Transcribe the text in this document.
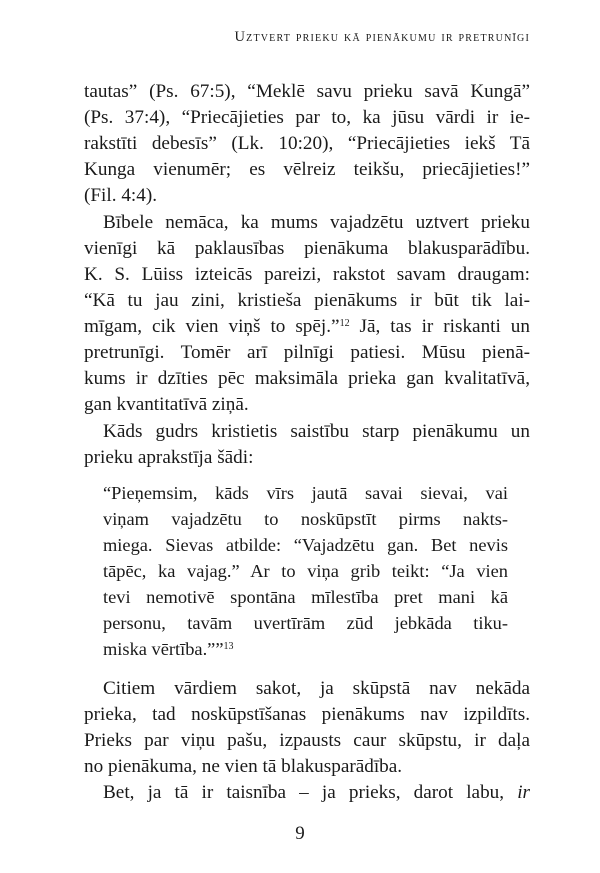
Uztvert prieku kā pienākumu ir pretrunīgi
tautas” (Ps. 67:5), “Meklē savu prieku savā Kungā”
(Ps. 37:4), “Priecājieties par to, ka jūsu vārdi ir ie-
rakstīti debesīs” (Lk. 10:20), “Priecājieties iekš Tā
Kunga vienumēr; es vēlreiz teikšu, priecājieties!”
(Fil. 4:4).
Bībele nemāca, ka mums vajadzētu uztvert prieku
vienīgi kā paklausības pienākuma blakusparādību.
K. S. Lūiss izteicās pareizi, rakstot savam draugam:
“Kā tu jau zini, kristieša pienākums ir būt tik lai-
mīgam, cik vien viņš to spēj.”$^{12}$ Jā, tas ir riskanti un
pretrunīgi. Tomēr arī pilnīgi patiesi. Mūsu pienā-
kums ir dzīties pēc maksimāla prieka gan kvalitatīvā,
gan kvantitatīvā ziņā.
Kāds gudrs kristietis saistību starp pienākumu un
prieku aprakstīja šādi:
“Pieņemsim, kāds vīrs jautā savai sievai, vai
viņam vajadzētu to noskūpstīt pirms nakts-
miega. Sievas atbilde: “Vajadzētu gan. Bet nevis
tāpēc, ka vajag.” Ar to viņa grib teikt: “Ja vien
tevi nemotivē spontāna mīlestība pret mani kā
personu, tavām uvertīrām zūd jebkāda tiku-
miska vērtība.””$^{13}$
Citiem vārdiem sakot, ja skūpstā nav nekāda
prieka, tad noskūpstīšanas pienākums nav izpildīts.
Prieks par viņu pašu, izpausts caur skūpstu, ir daļa
no pienākuma, ne vien tā blakusparādība.
Bet, ja tā ir taisnība – ja prieks, darot labu, ir
9
